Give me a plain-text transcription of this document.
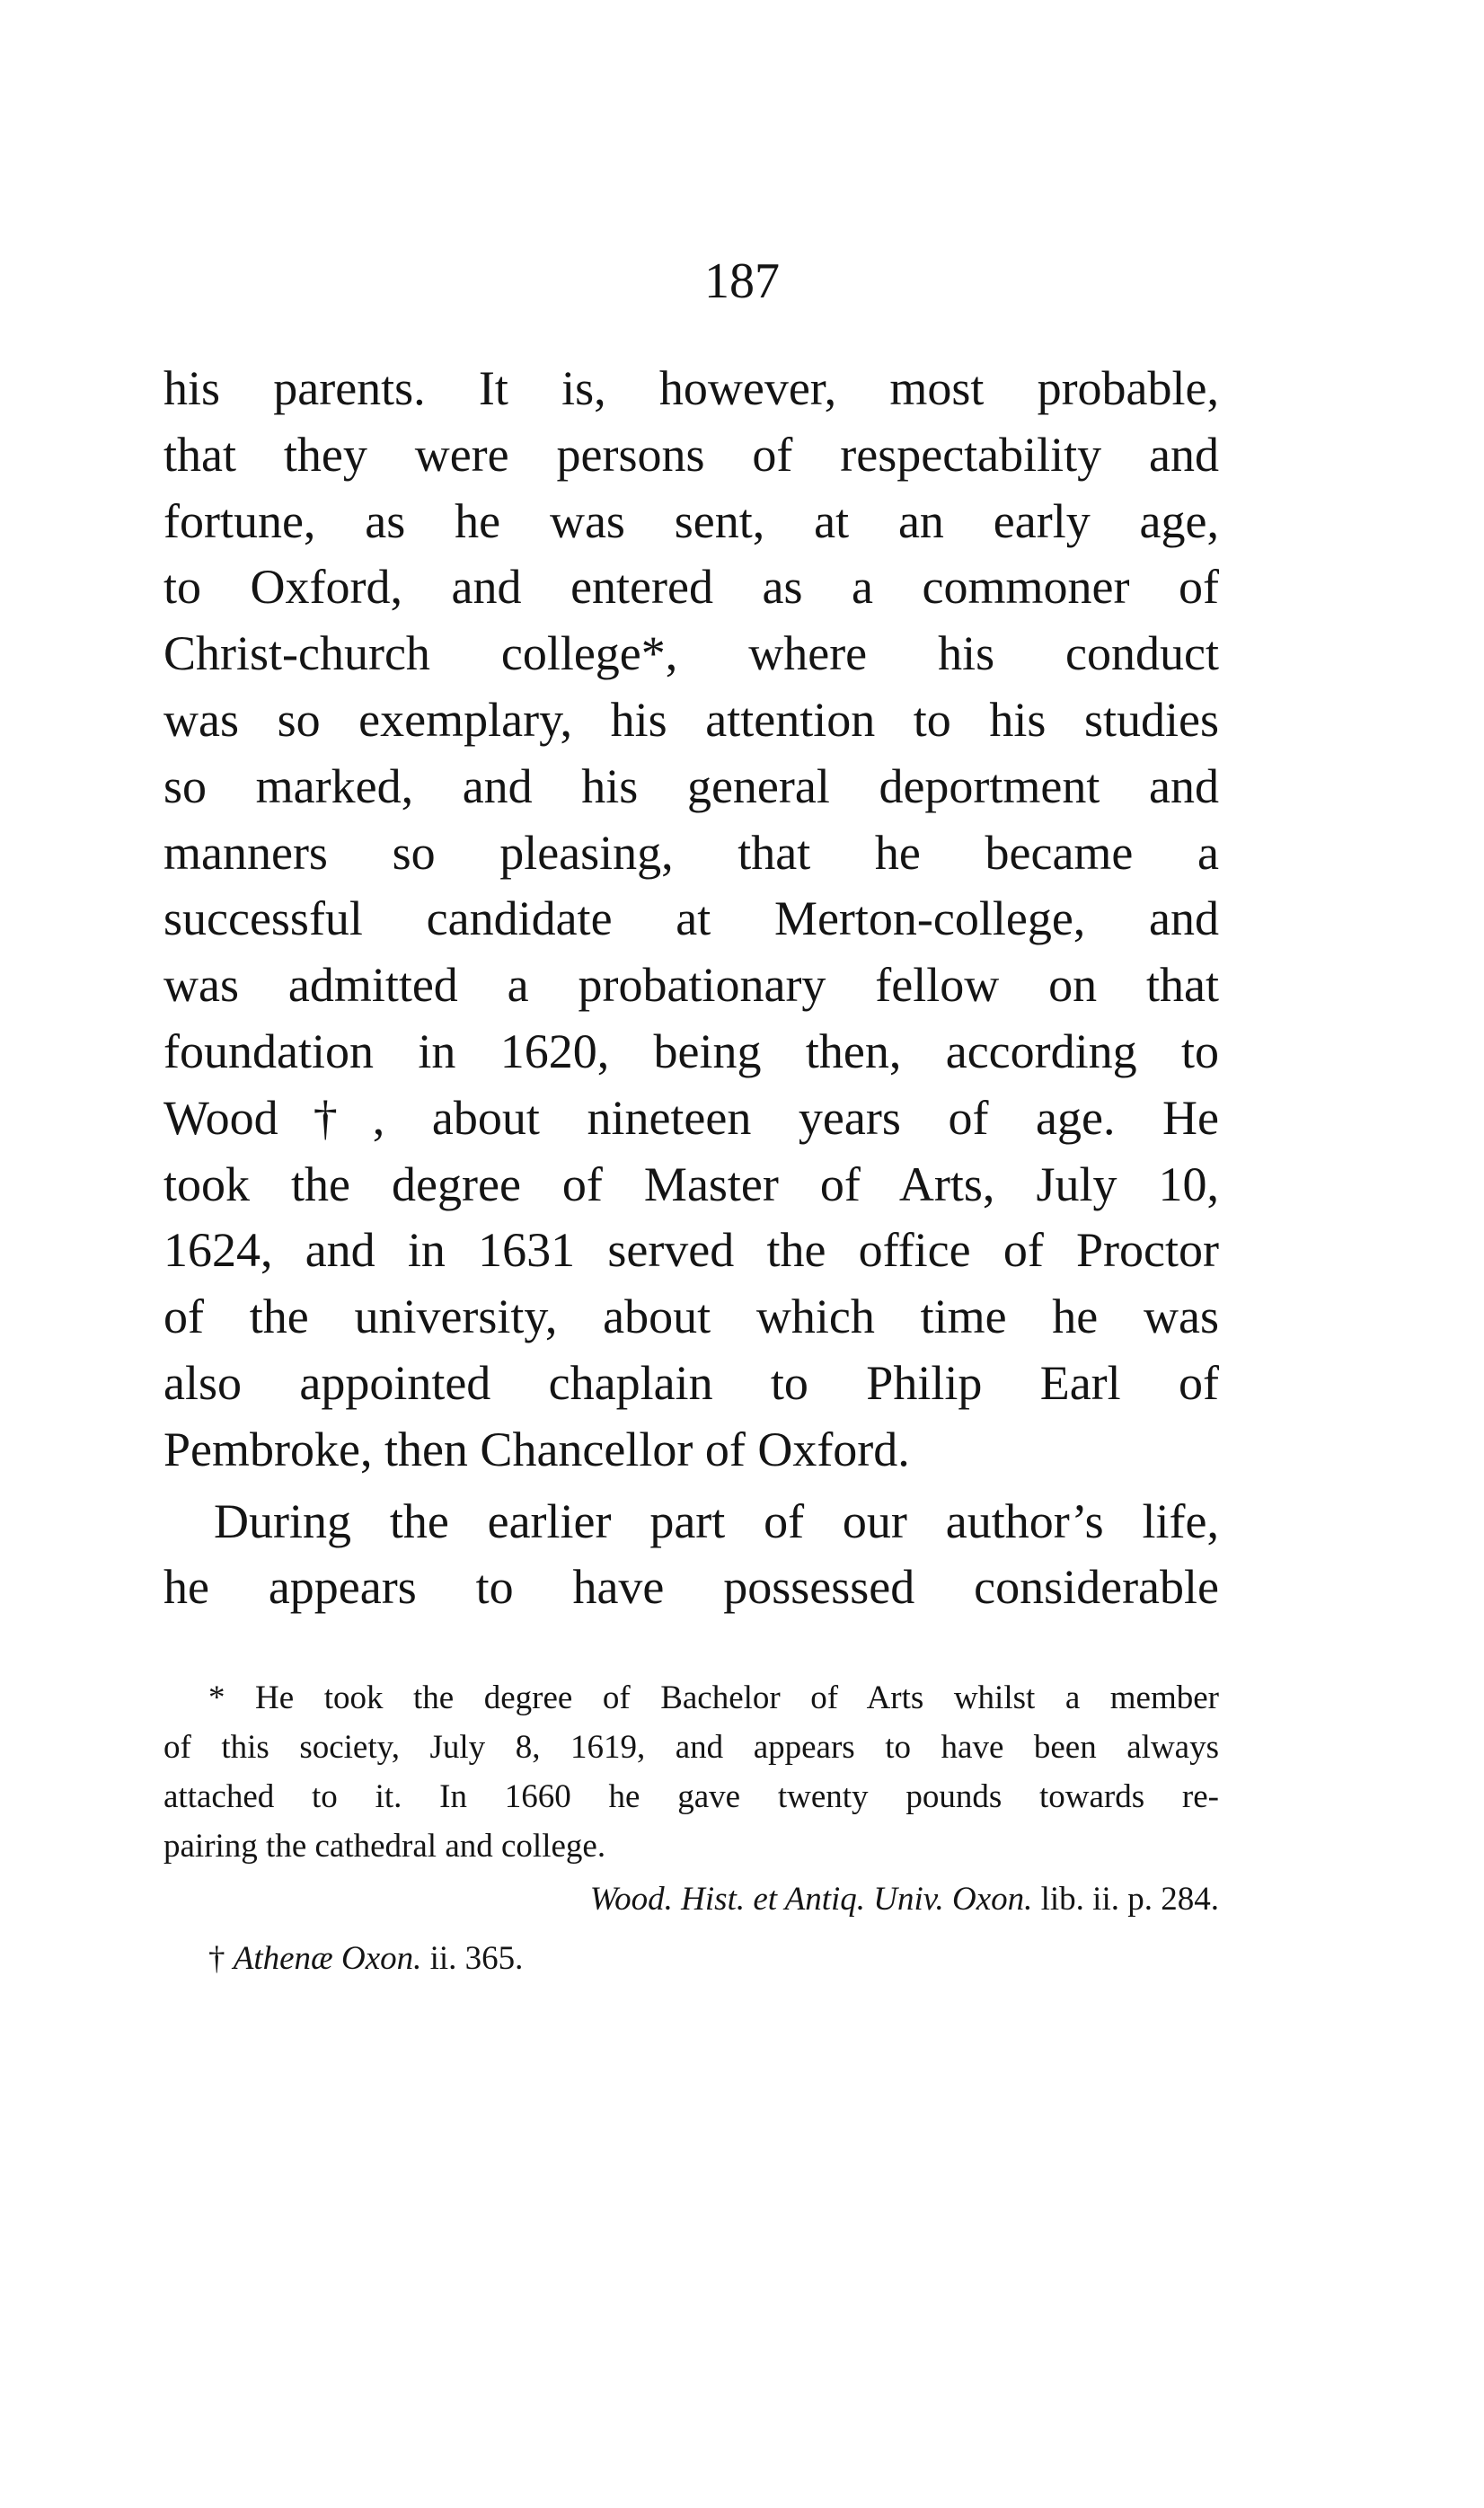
187
his parents. It is, however, most probable,
that they were persons of respectability and
fortune, as he was sent, at an early age,
to Oxford, and entered as a commoner of
Christ-church college*, where his conduct
was so exemplary, his attention to his studies
so marked, and his general deportment and
manners so pleasing, that he became a
successful candidate at Merton-college, and
was admitted a probationary fellow on that
foundation in 1620, being then, according to
Wood†, about nineteen years of age. He
took the degree of Master of Arts, July 10,
1624, and in 1631 served the office of Proctor
of the university, about which time he was
also appointed chaplain to Philip Earl of
Pembroke, then Chancellor of Oxford.
During the earlier part of our author’s life,
he appears to have possessed considerable
* He took the degree of Bachelor of Arts whilst a member
of this society, July 8, 1619, and appears to have been always
attached to it. In 1660 he gave twenty pounds towards re-
pairing the cathedral and college.
Wood. Hist. et Antiq. Univ. Oxon. lib. ii. p. 284.
† Athenæ Oxon. ii. 365.
